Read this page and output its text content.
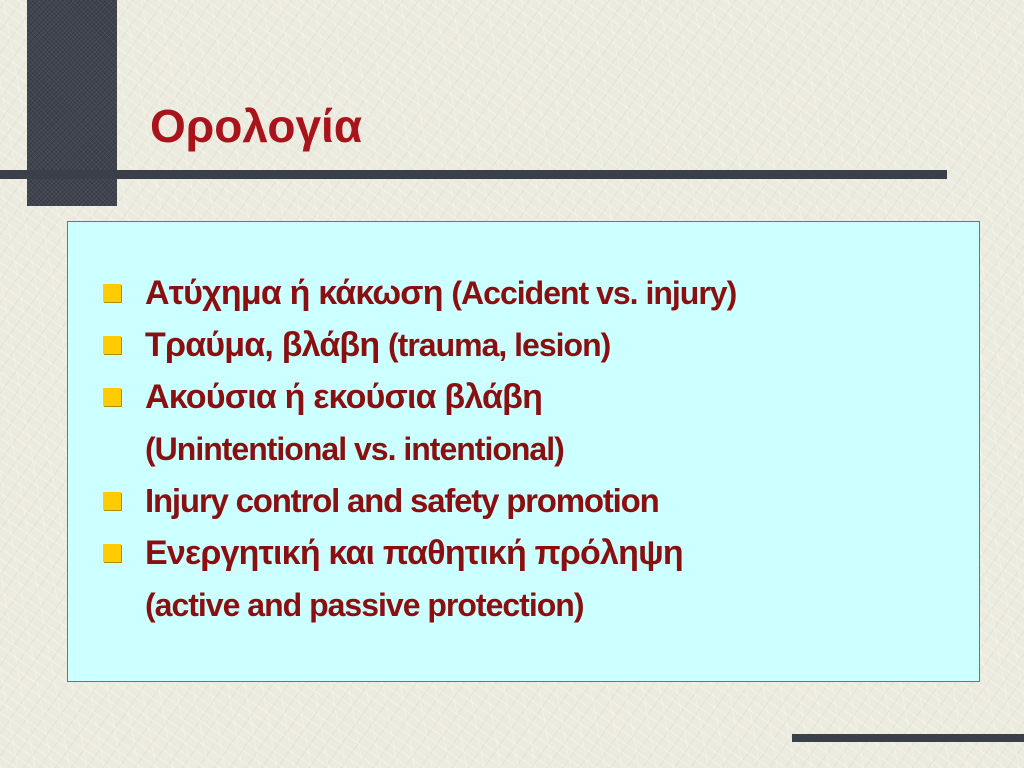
Ορολογία
Ατύχημα ή κάκωση (Accident vs. injury)
Τραύμα, βλάβη (trauma, lesion)
Ακούσια ή εκούσια βλάβη
(Unintentional vs. intentional)
Injury control and safety promotion
Ενεργητική και παθητική πρόληψη
(active and passive protection)
